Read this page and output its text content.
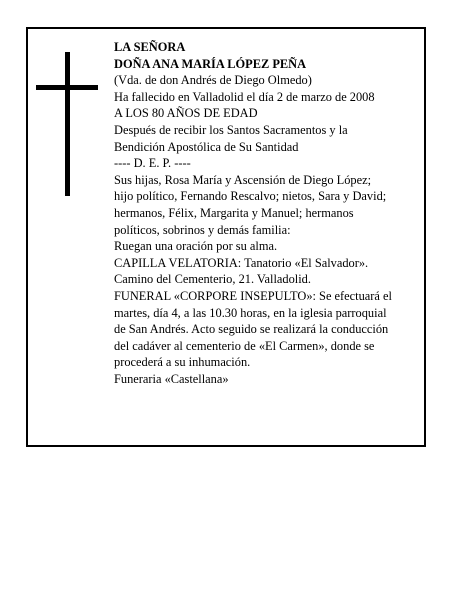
LA SEÑORA
DOÑA ANA MARÍA LÓPEZ PEÑA
(Vda. de don Andrés de Diego Olmedo)
Ha fallecido en Valladolid el día 2 de marzo de 2008
A LOS 80 AÑOS DE EDAD
Después de recibir los Santos Sacramentos y la
Bendición Apostólica de Su Santidad
---- D. E. P. ----
Sus hijas, Rosa María y Ascensión de Diego López;
hijo político, Fernando Rescalvo; nietos, Sara y David;
hermanos, Félix, Margarita y Manuel; hermanos
políticos, sobrinos y demás familia:
Ruegan una oración por su alma.
CAPILLA VELATORIA: Tanatorio «El Salvador».
Camino del Cementerio, 21. Valladolid.
FUNERAL «CORPORE INSEPULTO»: Se efectuará el
martes, día 4, a las 10.30 horas, en la iglesia parroquial
de San Andrés. Acto seguido se realizará la conducción
del cadáver al cementerio de «El Carmen», donde se
procederá a su inhumación.
Funeraria «Castellana»
